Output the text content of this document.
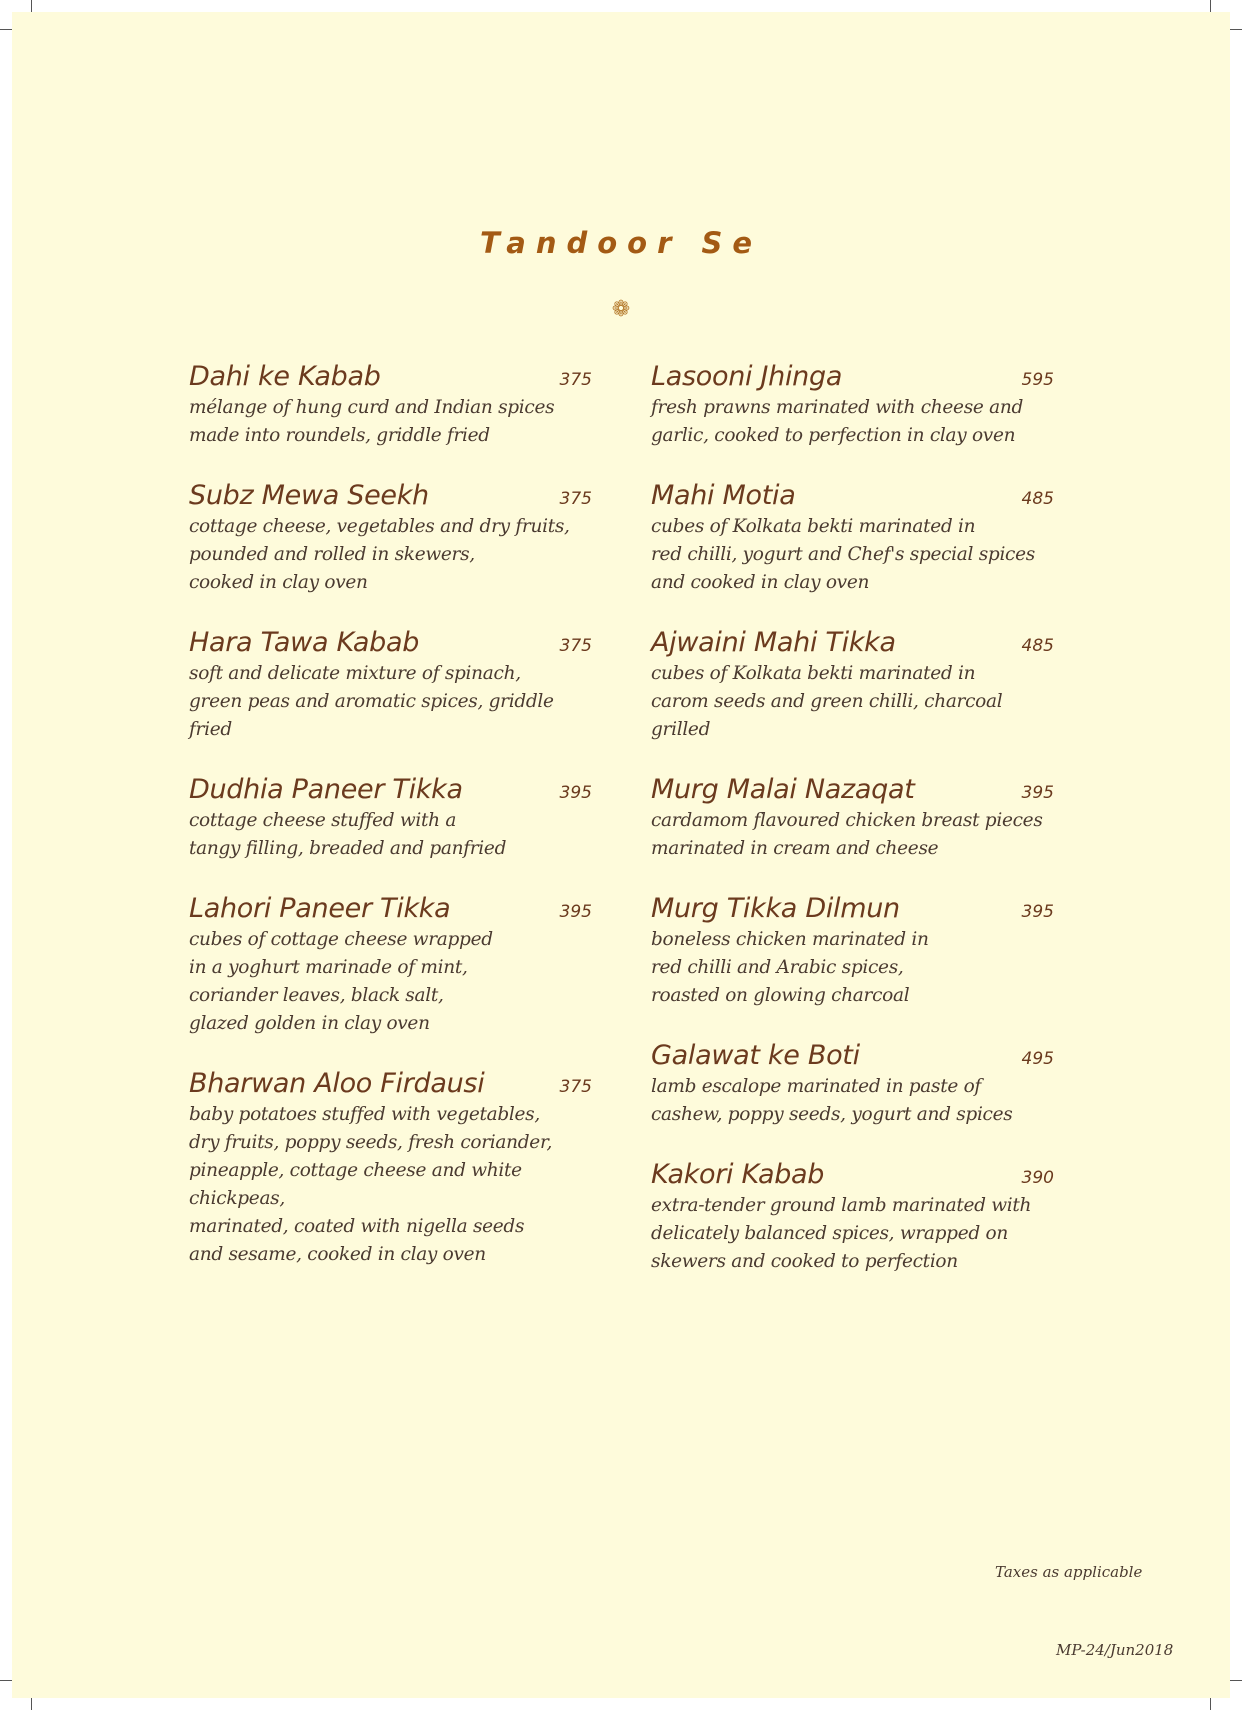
Tandoor Se
❁
Dahi ke Kabab	375
mélange of hung curd and Indian spices
made into roundels, griddle fried
Subz Mewa Seekh	375
cottage cheese, vegetables and dry fruits,
pounded and rolled in skewers,
cooked in clay oven
Hara Tawa Kabab	375
soft and delicate mixture of spinach,
green peas and aromatic spices, griddle fried
Dudhia Paneer Tikka	395
cottage cheese stuffed with a
tangy filling, breaded and panfried
Lahori Paneer Tikka	395
cubes of cottage cheese wrapped
in a yoghurt marinade of mint,
coriander leaves, black salt,
glazed golden in clay oven
Bharwan Aloo Firdausi	375
baby potatoes stuffed with vegetables,
dry fruits, poppy seeds, fresh coriander,
pineapple, cottage cheese and white chickpeas,
marinated, coated with nigella seeds
and sesame, cooked in clay oven
Lasooni Jhinga	595
fresh prawns marinated with cheese and
garlic, cooked to perfection in clay oven
Mahi Motia	485
cubes of Kolkata bekti marinated in
red chilli, yogurt and Chef's special spices
and cooked in clay oven
Ajwaini Mahi Tikka	485
cubes of Kolkata bekti marinated in
carom seeds and green chilli, charcoal grilled
Murg Malai Nazaqat	395
cardamom flavoured chicken breast pieces
marinated in cream and cheese
Murg Tikka Dilmun	395
boneless chicken marinated in
red chilli and Arabic spices,
roasted on glowing charcoal
Galawat ke Boti	495
lamb escalope marinated in paste of
cashew, poppy seeds, yogurt and spices
Kakori Kabab	390
extra-tender ground lamb marinated with
delicately balanced spices, wrapped on
skewers and cooked to perfection
Taxes as applicable
MP-24/Jun2018
